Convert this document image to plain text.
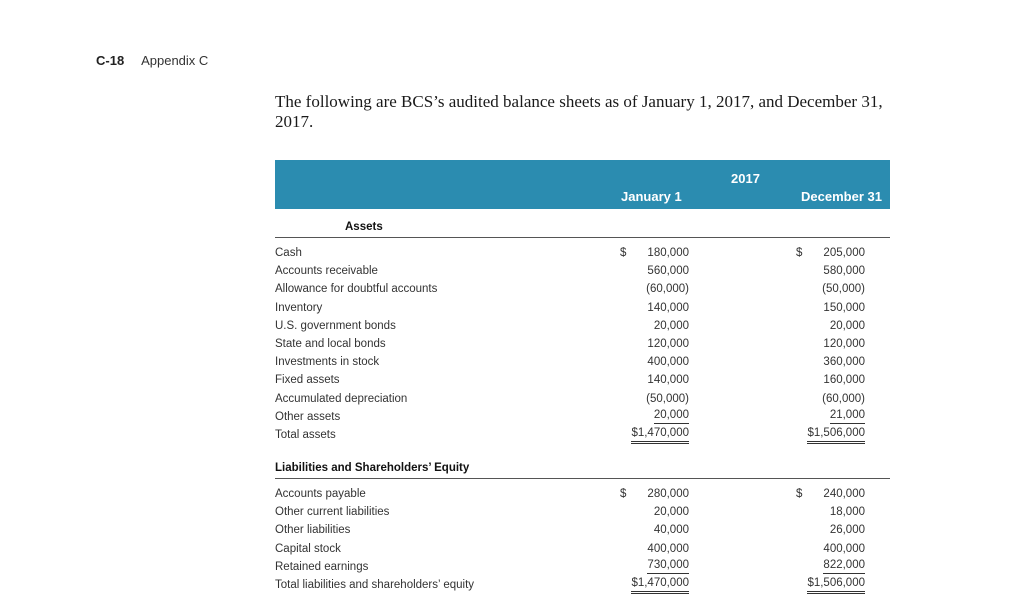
C-18 Appendix C
The following are BCS’s audited balance sheets as of January 1, 2017, and December 31, 2017.
2017
January 1	December 31
Assets
Cash	$ 180,000	$ 205,000
Accounts receivable	560,000	580,000
Allowance for doubtful accounts	(60,000)	(50,000)
Inventory	140,000	150,000
U.S. government bonds	20,000	20,000
State and local bonds	120,000	120,000
Investments in stock	400,000	360,000
Fixed assets	140,000	160,000
Accumulated depreciation	(50,000)	(60,000)
Other assets	20,000	21,000
Total assets	$1,470,000	$1,506,000
Liabilities and Shareholders’ Equity
Accounts payable	$ 280,000	$ 240,000
Other current liabilities	20,000	18,000
Other liabilities	40,000	26,000
Capital stock	400,000	400,000
Retained earnings	730,000	822,000
Total liabilities and shareholders’ equity	$1,470,000	$1,506,000
